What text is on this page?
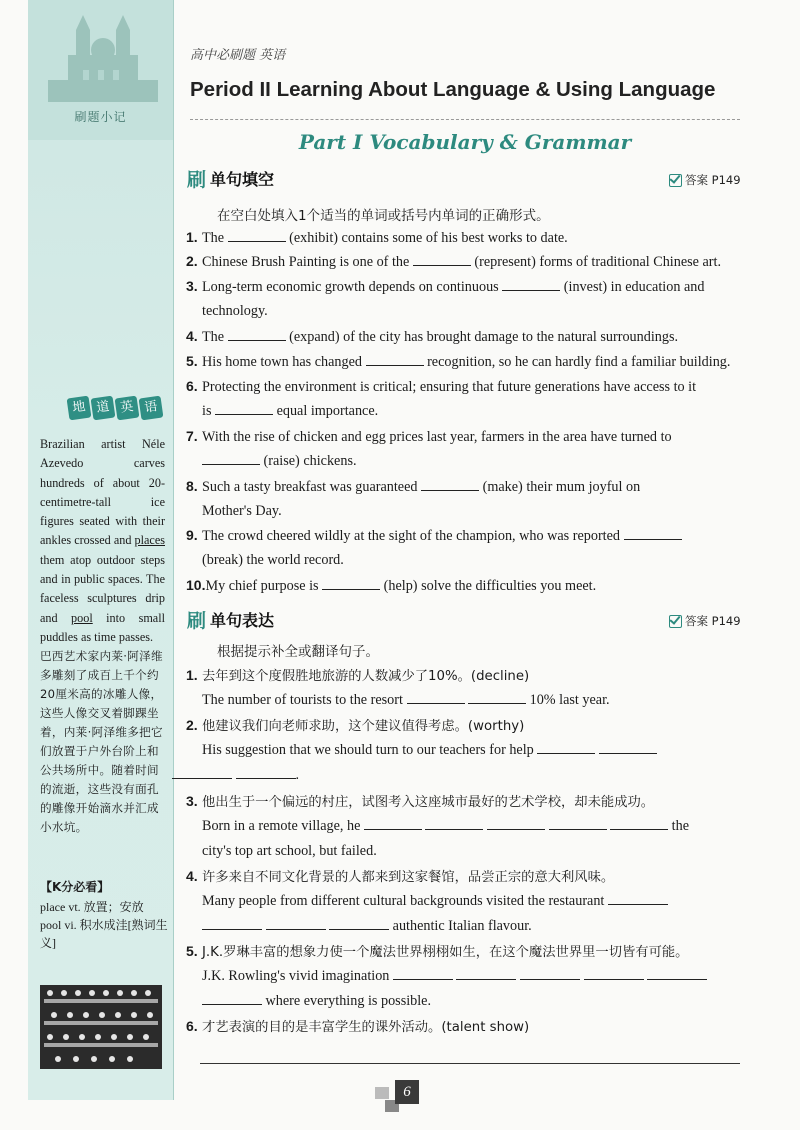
刷题小记
地 道 英 语
Brazilian artist Néle Azevedo carves hundreds of about 20-centimetre-tall ice figures seated with their ankles crossed and places them atop outdoor steps and in public spaces. The faceless sculptures drip and pool into small puddles as time passes.
巴西艺术家内莱·阿泽维多雕刻了成百上千个约20厘米高的冰雕人像，这些人像交叉着脚踝坐着，内莱·阿泽维多把它们放置于户外台阶上和公共场所中。随着时间的流逝，这些没有面孔的雕像开始滴水并汇成小水坑。
【K分必看】
place vt. 放置；安放
pool vi. 积水成洼[熟词生义]
高中必刷题 英语
Period II Learning About Language & Using Language
Part I Vocabulary & Grammar
刷 单句填空	答案 P149
在空白处填入1个适当的单词或括号内单词的正确形式。
1. The	(exhibit) contains some of his best works to date.
2. Chinese Brush Painting is one of the	(represent) forms of traditional Chinese art.
3. Long-term economic growth depends on continuous	(invest) in education and
technology.
4. The	(expand) of the city has brought damage to the natural surroundings.
5. His home town has changed	recognition, so he can hardly find a familiar building.
6. Protecting the environment is critical; ensuring that future generations have access to it
is	equal importance.
7. With the rise of chicken and egg prices last year, farmers in the area have turned to
(raise) chickens.
8. Such a tasty breakfast was guaranteed	(make) their mum joyful on
Mother's Day.
9. The crowd cheered wildly at the sight of the champion, who was reported
(break) the world record.
10.My chief purpose is	(help) solve the difficulties you meet.
刷 单句表达	答案 P149
根据提示补全或翻译句子。
1. 去年到这个度假胜地旅游的人数减少了10%。(decline)
The number of tourists to the resort	10% last year.
2. 他建议我们向老师求助，这个建议值得考虑。(worthy)
His suggestion that we should turn to our teachers for help
.
3. 他出生于一个偏远的村庄，试图考入这座城市最好的艺术学校，却未能成功。
Born in a remote village, he	the
city's top art school, but failed.
4. 许多来自不同文化背景的人都来到这家餐馆，品尝正宗的意大利风味。
Many people from different cultural backgrounds visited the restaurant
authentic Italian flavour.
5. J.K.罗琳丰富的想象力使一个魔法世界栩栩如生，在这个魔法世界里一切皆有可能。
J.K. Rowling's vivid imagination
where everything is possible.
6. 才艺表演的目的是丰富学生的课外活动。(talent show)
6
